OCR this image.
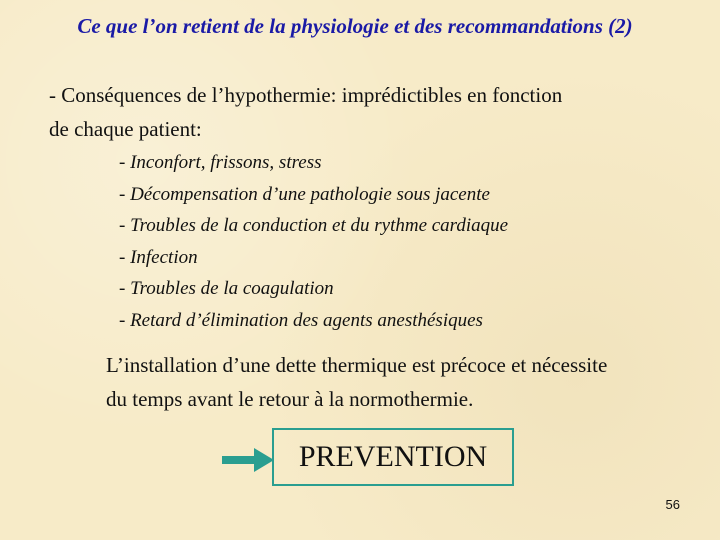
Ce que l’on retient de la physiologie et des recommandations (2)
- Conséquences de l’hypothermie: imprédictibles en fonction
de chaque patient:
- Inconfort, frissons, stress
- Décompensation d’une pathologie sous jacente
- Troubles de la conduction et du rythme cardiaque
- Infection
- Troubles de la coagulation
- Retard d’élimination des agents anesthésiques
L’installation d’une dette thermique est précoce et nécessite
du temps avant le retour à la normothermie.
PREVENTION
56
